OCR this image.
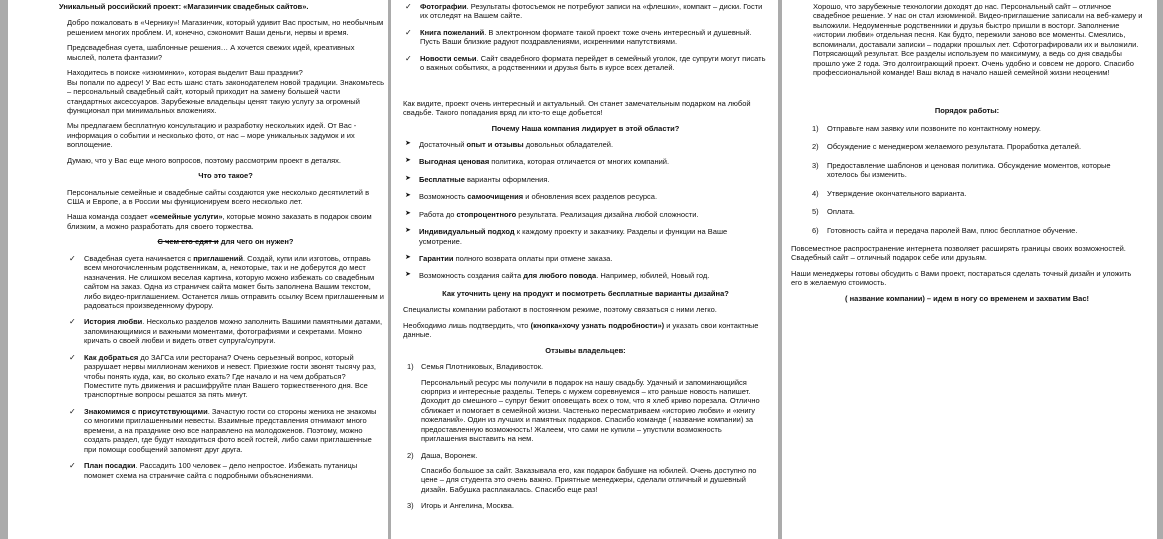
Уникальный российский проект: «Магазинчик свадебных сайтов».

Добро пожаловать в «Чернику»! Магазинчик, который удивит Вас простым, но необычным решением многих проблем. И, конечно, сэкономит Ваши деньги, нервы и время.

Предсвадебная суета, шаблонные решения… А хочется свежих идей, креативных мыслей, полета фантазии?

Находитесь в поиске «изюминки», которая выделит Ваш праздник?

Вы попали по адресу! У Вас есть шанс стать законодателем новой традиции. Знакомьтесь – персональный свадебный сайт, который приходит на замену большей части стандартных аксессуаров. Зарубежные владельцы ценят такую услугу за огромный функционал при минимальных вложениях.

Мы предлагаем бесплатную консультацию и разработку нескольких идей. От Вас - информация о событии и несколько фото, от нас – море уникальных задумок и их воплощение.

Думаю, что у Вас еще много вопросов, поэтому рассмотрим проект в деталях.

Что это такое?

Персональные семейные и свадебные сайты создаются уже несколько десятилетий в США и Европе, а в России мы функционируем всего несколько лет.

Наша команда создает «семейные услуги», которые можно заказать в подарок своим близким, а можно разработать для своего торжества.

С чем его едят и для чего он нужен?
✓ Свадебная суета начинается с приглашений. Создай, купи или изготовь, отправь всем многочисленным родственникам, а, некоторые, так и не доберутся до мест назначения. Не слишком веселая картина, которую можно избежать со свадебным сайтом на заказ. Одна из страничек сайта может быть заполнена Вашим текстом, либо видео-приглашением. Останется лишь отправить ссылку Всем приглашенным и радоваться произведенному фурору.
✓ История любви. Несколько разделов можно заполнить Вашими памятными датами, запоминающимися и важными моментами, фотографиями и секретами. Можно кричать о своей любви и видеть ответ супруга/супруги.
✓ Как добраться до ЗАГСа или ресторана? Очень серьезный вопрос, который разрушает нервы миллионам женихов и невест. Приезжие гости звонят тысячу раз, чтобы понять куда, как, во сколько ехать? Где начало и на чем добраться? Поместите путь движения и расшифруйте план Вашего торжественного дня. Все транспортные вопросы решатся за пять минут.
✓ Знакомимся с присутствующими. Зачастую гости со стороны жениха не знакомы со многими приглашенными невесты. Взаимные представления отнимают много времени, а на празднике оно все направлено на молодоженов. Поэтому, можно создать раздел, где будут находиться фото всей гостей, либо сами приглашенные при помощи сообщений запомнят друг друга.
✓ План посадки. Рассадить 100 человек – дело непростое. Избежать путаницы поможет схема на страничке сайта с подробными объяснениями.
✓ Фотографии. Результаты фотосъемок не потребуют записи на «флешки», компакт – диски. Гости их отследят на Вашем сайте.
✓ Книга пожеланий. В электронном формате такой проект тоже очень интересный и душевный. Пусть Ваши близкие радуют поздравлениями, искренними напутствиями.
✓ Новости семьи. Сайт свадебного формата перейдет в семейный уголок, где супруги могут писать о важных событиях, а родственники и друзья быть в курсе всех деталей.

Как видите, проект очень интересный и актуальный. Он станет замечательным подарком на любой свадьбе. Такого попадания вряд ли кто-то еще добьется!

Почему Наша компания лидирует в этой области?
➤ Достаточный опыт и отзывы довольных обладателей.
➤ Выгодная ценовая политика, которая отличается от многих компаний.
➤ Бесплатные варианты оформления.
➤ Возможность самоочищения и обновления всех разделов ресурса.
➤ Работа до стопроцентного результата. Реализация дизайна любой сложности.
➤ Индивидуальный подход к каждому проекту и заказчику. Разделы и функции на Ваше усмотрение.
➤ Гарантии полного возврата оплаты при отмене заказа.
➤ Возможность создания сайта для любого повода. Например, юбилей, Новый год.
Как уточнить цену на продукт и посмотреть бесплатные варианты дизайна?

Специалисты компании работают в постоянном режиме, поэтому связаться с ними легко.

Необходимо лишь подтвердить, что (кнопка«хочу узнать подробности») и указать свои контактные данные.

Отзывы владельцев:
1) Семья Плотниковых, Владивосток.
Персональный ресурс мы получили в подарок на нашу свадьбу. Удачный и запоминающийся сюрприз и интересные разделы. Теперь с мужем соревнуемся – кто раньше новость напишет. Доходит до смешного – супруг бежит оповещать всех о том, что я хлеб криво порезала. Отлично сближает и помогает в семейной жизни. Частенько пересматриваем «историю любви» и «книгу пожеланий». Один из лучших и памятных подарков. Спасибо команде ( название компании) за предоставленную возможность! Жалеем, что сами не купили – упустили возможность приглашения выставить на нем.
2) Даша, Воронеж.
Спасибо большое за сайт. Заказывала его, как подарок бабушке на юбилей. Очень доступно по цене – для студента это очень важно. Приятные менеджеры, сделали отличный и душевный дизайн. Бабушка расплакалась. Спасибо еще раз!
3) Игорь и Ангелина, Москва.

Хорошо, что зарубежные технологии доходят до нас. Персональный сайт – отличное свадебное решение. У нас он стал изюминкой. Видео-приглашение записали на веб-камеру и выложили. Недоуменные родственники и друзья быстро пришли в восторг. Заполнение «истории любви» отдельная песня. Как будто, пережили заново все моменты. Смеялись, вспоминали, доставали записки – подарки прошлых лет. Сфотографировали их и выложили. Потрясающий результат. Все разделы используем по максимуму, а ведь со дня свадьбы прошло уже 2 года. Это долгоиграющий проект. Очень удобно и совсем не дорого. Спасибо профессиональной команде! Ваш вклад в начало нашей семейной жизни неоценим!

Порядок работы:
1)	Отправьте нам заявку или позвоните по контактному номеру.
2)	Обсуждение с менеджером желаемого результата. Проработка деталей.
3)	Предоставление шаблонов и ценовая политика. Обсуждение моментов, которые хотелось бы изменить.
4)	Утверждение окончательного варианта.
5)	Оплата.
6)	Готовность сайта и передача паролей Вам, плюс бесплатное обучение.

Повсеместное распространение интернета позволяет расширять границы своих возможностей. Свадебный сайт – отличный подарок себе или друзьям.

Наши менеджеры готовы обсудить с Вами проект, постараться сделать точный дизайн и уложить его в желаемую стоимость.

( название компании) – идем в ногу со временем и захватим Вас!
